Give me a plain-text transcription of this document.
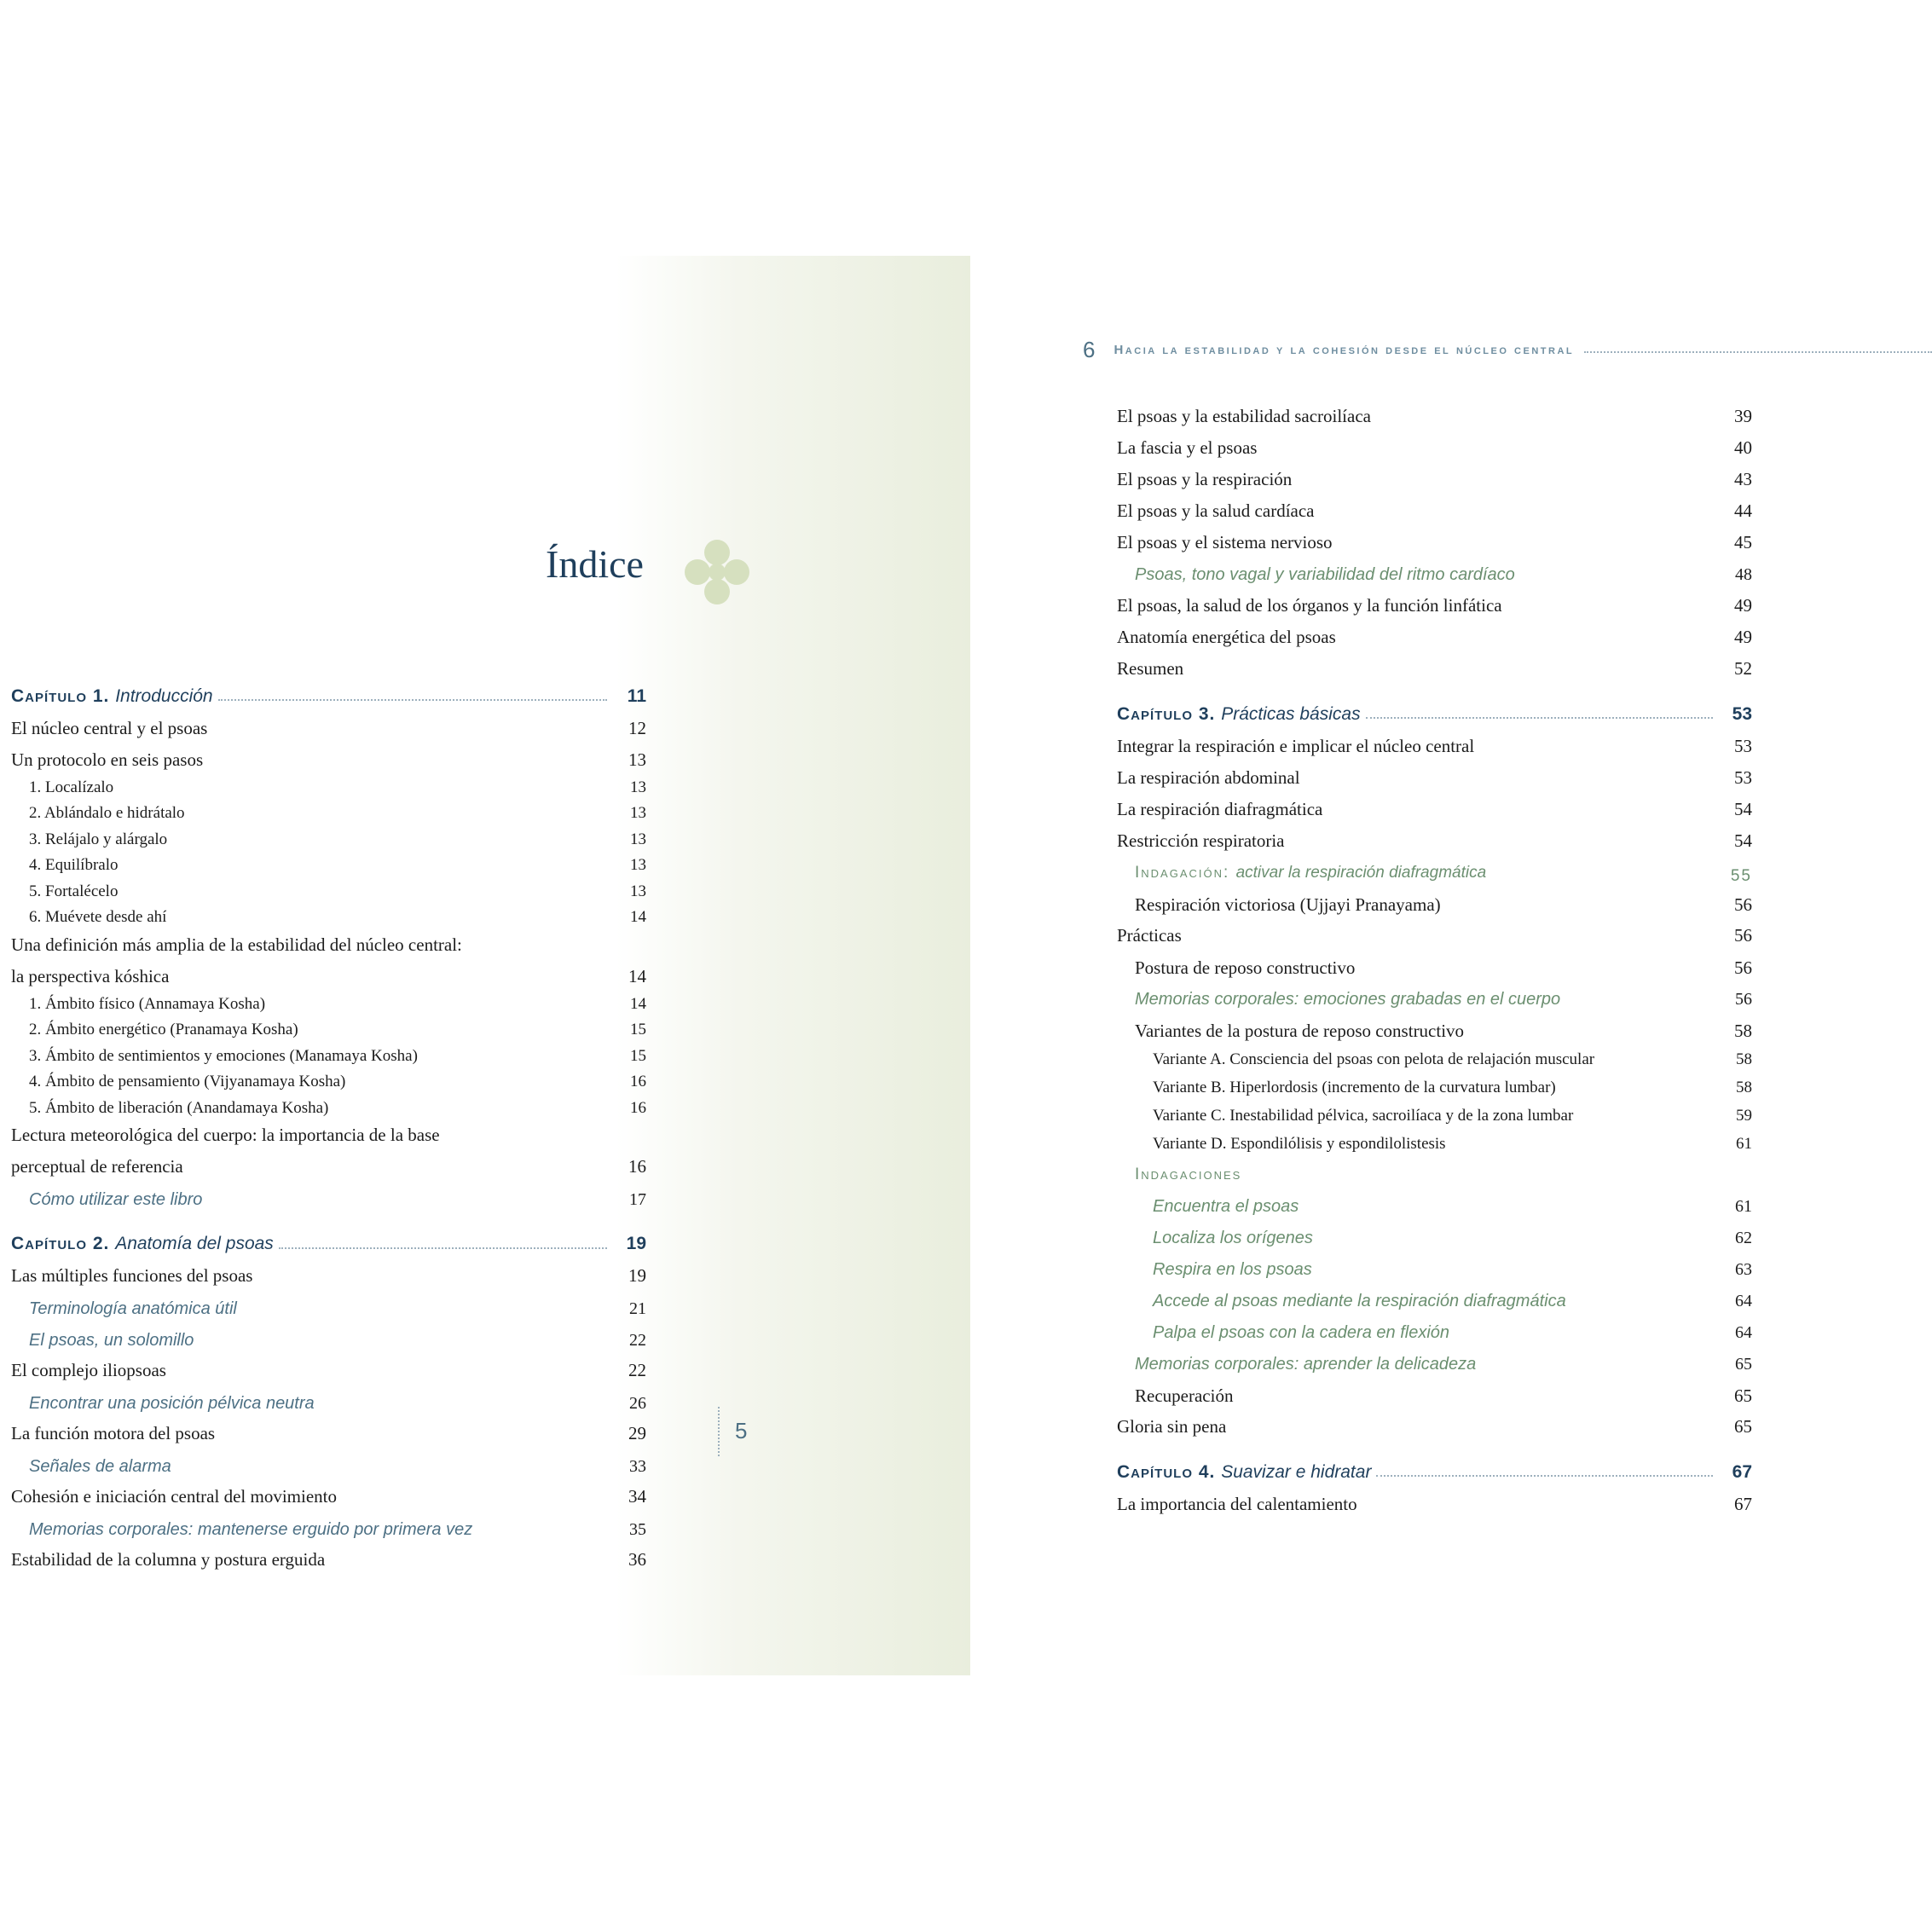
Índice
Capítulo 1. Introducción	11
El núcleo central y el psoas	12
Un protocolo en seis pasos	13
1. Localízalo	13
2. Ablándalo e hidrátalo	13
3. Relájalo y alárgalo	13
4. Equilíbralo	13
5. Fortalécelo	13
6. Muévete desde ahí	14
Una definición más amplia de la estabilidad del núcleo central:
la perspectiva kóshica	14
1. Ámbito físico (Annamaya Kosha)	14
2. Ámbito energético (Pranamaya Kosha)	15
3. Ámbito de sentimientos y emociones (Manamaya Kosha)	15
4. Ámbito de pensamiento (Vijyanamaya Kosha)	16
5. Ámbito de liberación (Anandamaya Kosha)	16
Lectura meteorológica del cuerpo: la importancia de la base
perceptual de referencia	16
Cómo utilizar este libro	17
Capítulo 2. Anatomía del psoas	19
Las múltiples funciones del psoas	19
Terminología anatómica útil	21
El psoas, un solomillo	22
El complejo iliopsoas	22
Encontrar una posición pélvica neutra	26
La función motora del psoas	29
Señales de alarma	33
Cohesión e iniciación central del movimiento	34
Memorias corporales: mantenerse erguido por primera vez	35
Estabilidad de la columna y postura erguida	36
5
6 Hacia la estabilidad y la cohesión desde el núcleo central
El psoas y la estabilidad sacroilíaca	39
La fascia y el psoas	40
El psoas y la respiración	43
El psoas y la salud cardíaca	44
El psoas y el sistema nervioso	45
Psoas, tono vagal y variabilidad del ritmo cardíaco	48
El psoas, la salud de los órganos y la función linfática	49
Anatomía energética del psoas	49
Resumen	52
Capítulo 3. Prácticas básicas	53
Integrar la respiración e implicar el núcleo central	53
La respiración abdominal	53
La respiración diafragmática	54
Restricción respiratoria	54
Indagación: activar la respiración diafragmática	55
Respiración victoriosa (Ujjayi Pranayama)	56
Prácticas	56
Postura de reposo constructivo	56
Memorias corporales: emociones grabadas en el cuerpo	56
Variantes de la postura de reposo constructivo	58
Variante A. Consciencia del psoas con pelota de relajación muscular	58
Variante B. Hiperlordosis (incremento de la curvatura lumbar)	58
Variante C. Inestabilidad pélvica, sacroilíaca y de la zona lumbar	59
Variante D. Espondilólisis y espondilolistesis	61
Indagaciones
Encuentra el psoas	61
Localiza los orígenes	62
Respira en los psoas	63
Accede al psoas mediante la respiración diafragmática	64
Palpa el psoas con la cadera en flexión	64
Memorias corporales: aprender la delicadeza	65
Recuperación	65
Gloria sin pena	65
Capítulo 4. Suavizar e hidratar	67
La importancia del calentamiento	67
